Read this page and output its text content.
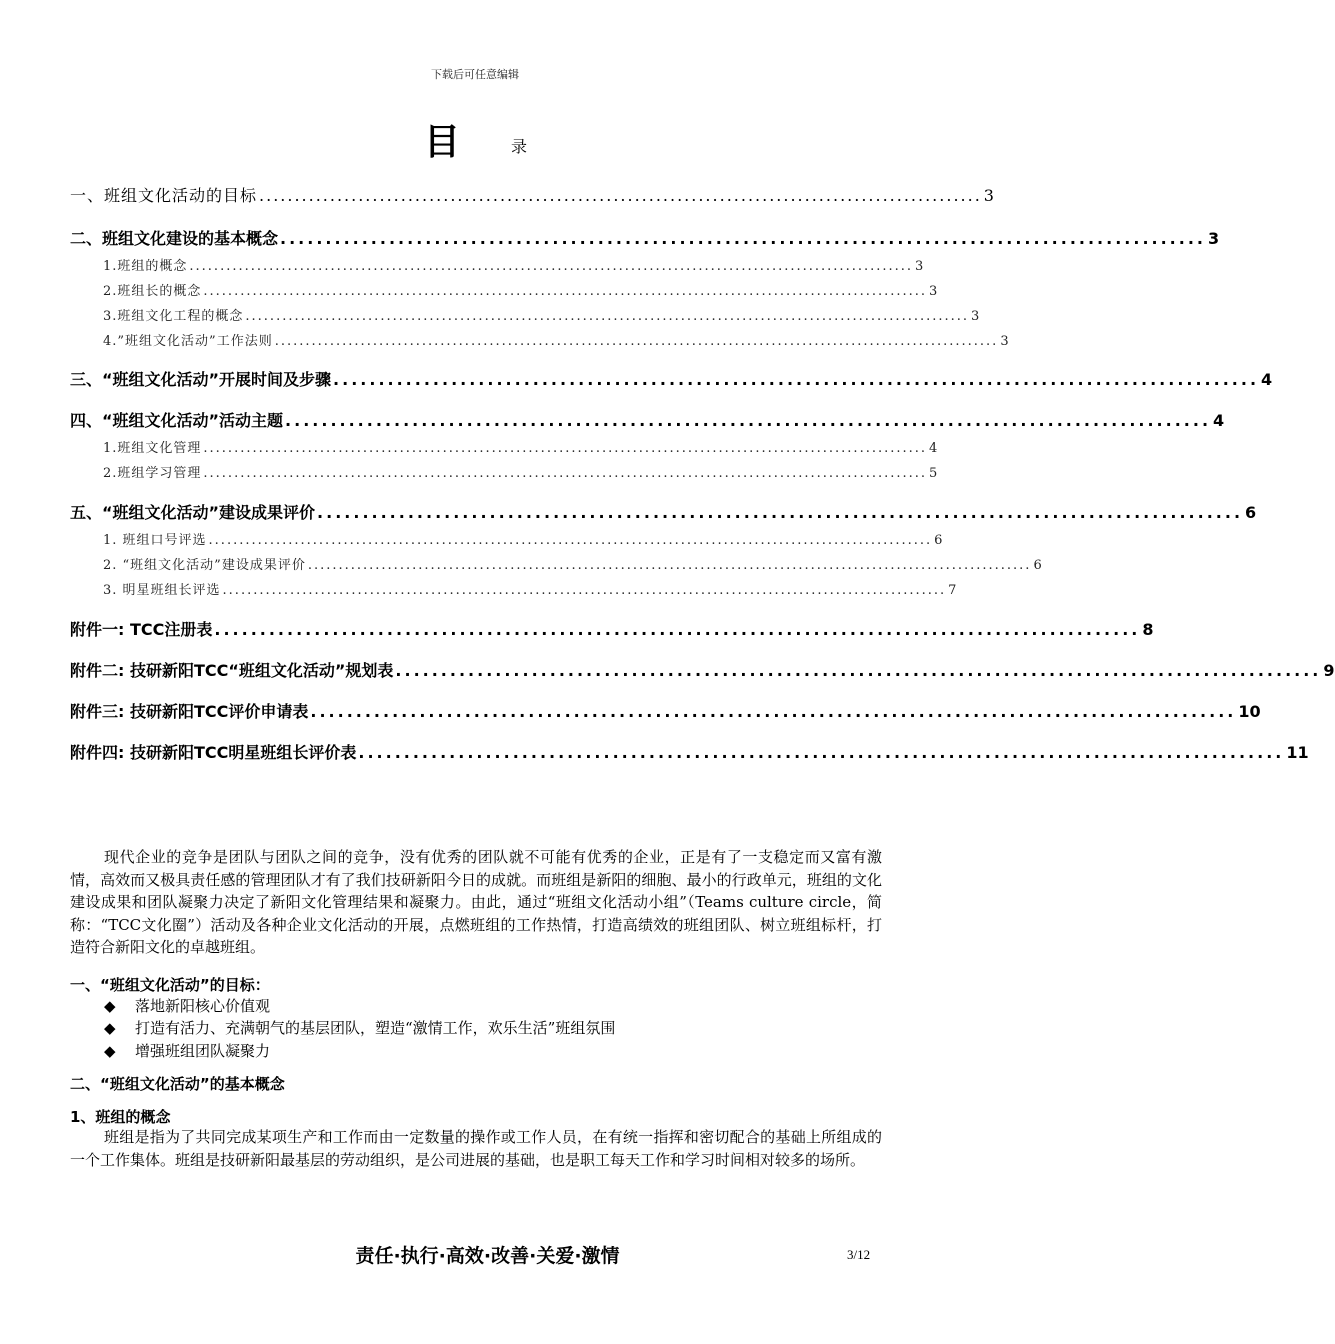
下载后可任意编辑
目	录
一、班组文化活动的目标 ...................................................................................................... 3
二、班组文化建设的基本概念 ...................................................................................................... 3
1.班组的概念 ...................................................................................................................... 3
2.班组长的概念 ...................................................................................................................... 3
3.班组文化工程的概念 ...................................................................................................................... 3
4.”班组文化活动”工作法则 ...................................................................................................................... 3
三、“班组文化活动”开展时间及步骤 ...................................................................................................... 4
四、“班组文化活动”活动主题 ...................................................................................................... 4
1.班组文化管理 ...................................................................................................................... 4
2.班组学习管理 ...................................................................................................................... 5
五、“班组文化活动”建设成果评价 ...................................................................................................... 6
1. 班组口号评选 ...................................................................................................................... 6
2. “班组文化活动”建设成果评价 ...................................................................................................................... 6
3. 明星班组长评选 ...................................................................................................................... 7
附件一: TCC注册表 ...................................................................................................... 8
附件二: 技研新阳TCC“班组文化活动”规划表 ...................................................................................................... 9
附件三: 技研新阳TCC评价申请表 ...................................................................................................... 10
附件四: 技研新阳TCC明星班组长评价表 ...................................................................................................... 11

现代企业的竞争是团队与团队之间的竞争，没有优秀的团队就不可能有优秀的企业，正是有了一支稳定而又富有激情，高效而又极具责任感的管理团队才有了我们技研新阳今日的成就。而班组是新阳的细胞、最小的行政单元，班组的文化建设成果和团队凝聚力决定了新阳文化管理结果和凝聚力。由此，通过“班组文化活动小组”（Teams culture circle，简称：“TCC文化圈”）活动及各种企业文化活动的开展，点燃班组的工作热情，打造高绩效的班组团队、树立班组标杆，打造符合新阳文化的卓越班组。

一、“班组文化活动”的目标：
◆ 落地新阳核心价值观
◆ 打造有活力、充满朝气的基层团队，塑造“激情工作，欢乐生活”班组氛围
◆ 增强班组团队凝聚力
二、“班组文化活动”的基本概念
1、班组的概念

班组是指为了共同完成某项生产和工作而由一定数量的操作或工作人员，在有统一指挥和密切配合的基础上所组成的一个工作集体。班组是技研新阳最基层的劳动组织，是公司进展的基础，也是职工每天工作和学习时间相对较多的场所。

责任·执行·高效·改善·关爱·激情	3/12
